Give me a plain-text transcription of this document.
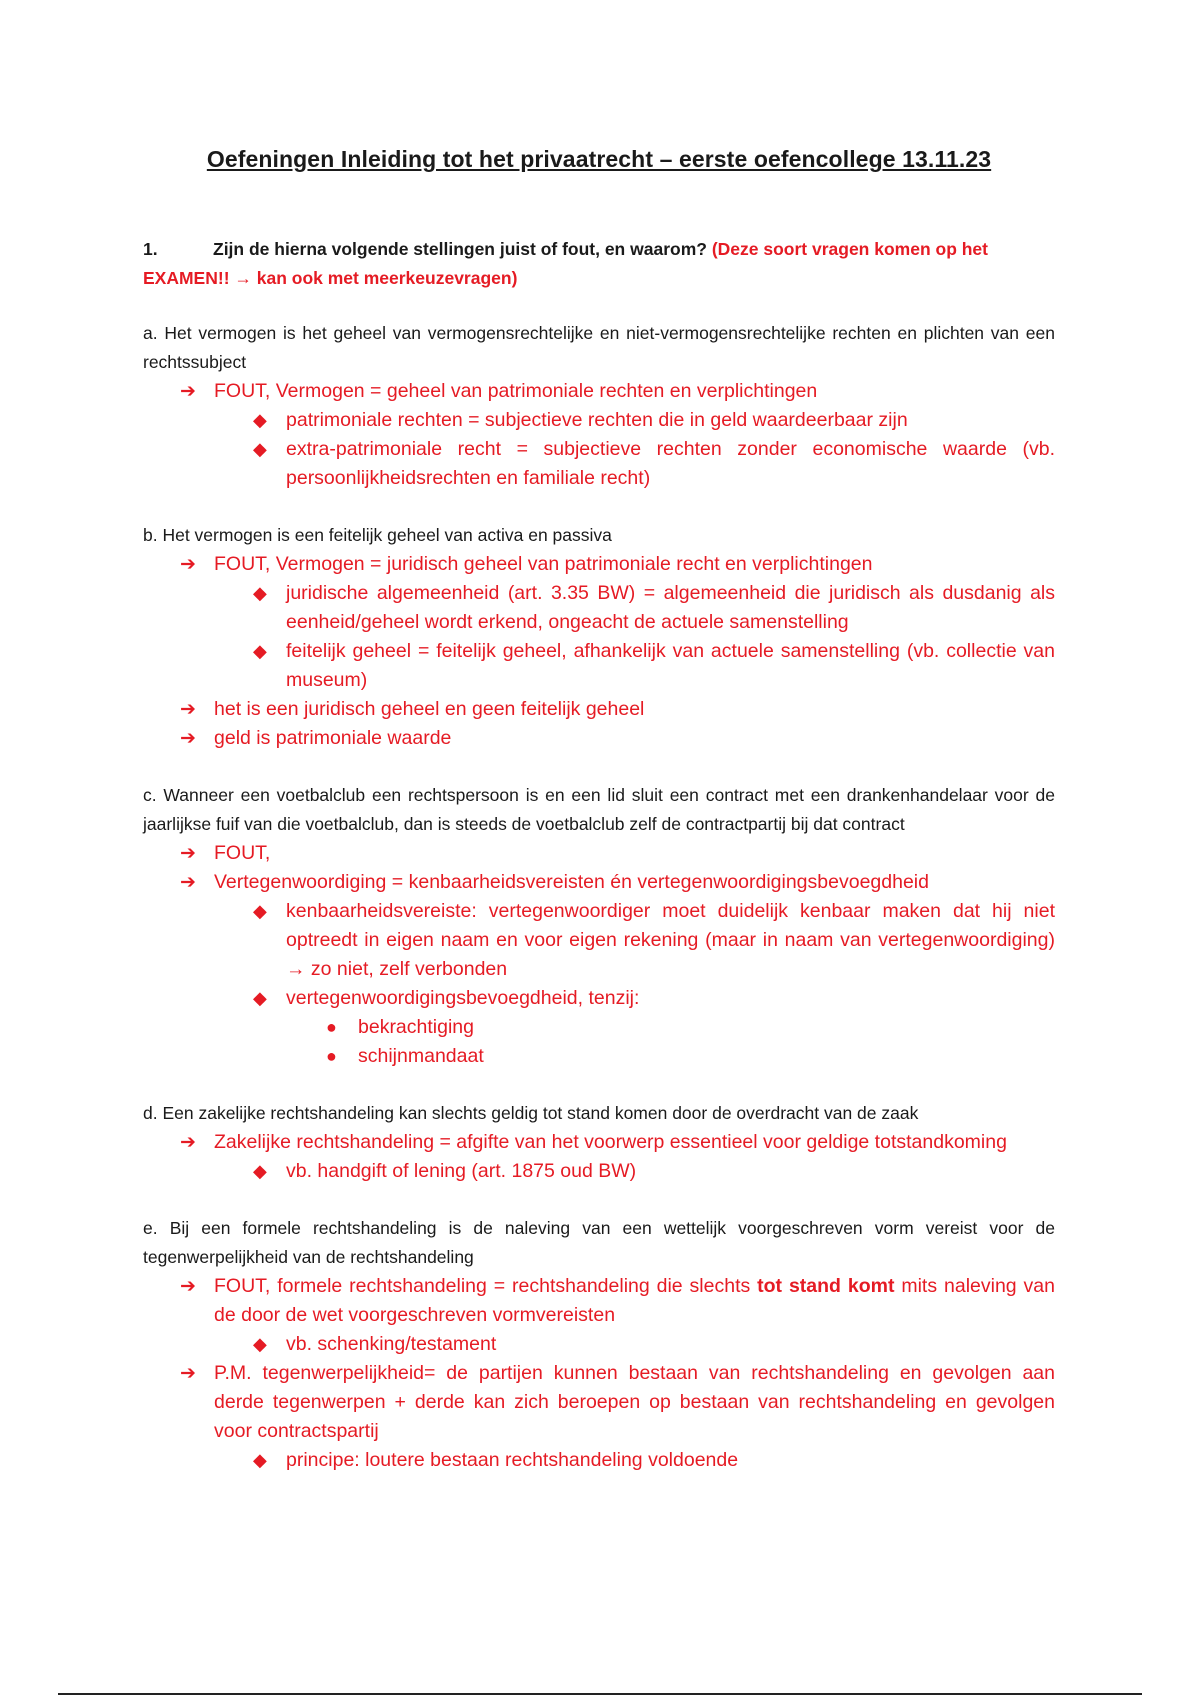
Oefeningen Inleiding tot het privaatrecht – eerste oefencollege 13.11.23
1.	Zijn de hierna volgende stellingen juist of fout, en waarom? (Deze soort vragen komen op het EXAMEN!! → kan ook met meerkeuzevragen)
a. Het vermogen is het geheel van vermogensrechtelijke en niet-vermogensrechtelijke rechten en plichten van een rechtssubject
➔ FOUT, Vermogen = geheel van patrimoniale rechten en verplichtingen
◆ patrimoniale rechten = subjectieve rechten die in geld waardeerbaar zijn
◆ extra-patrimoniale recht = subjectieve rechten zonder economische waarde (vb. persoonlijkheidsrechten en familiale recht)
b. Het vermogen is een feitelijk geheel van activa en passiva
➔ FOUT, Vermogen = juridisch geheel van patrimoniale recht en verplichtingen
◆ juridische algemeenheid (art. 3.35 BW) = algemeenheid die juridisch als dusdanig als eenheid/geheel wordt erkend, ongeacht de actuele samenstelling
◆ feitelijk geheel = feitelijk geheel, afhankelijk van actuele samenstelling (vb. collectie van museum)
➔ het is een juridisch geheel en geen feitelijk geheel
➔ geld is patrimoniale waarde
c. Wanneer een voetbalclub een rechtspersoon is en een lid sluit een contract met een drankenhandelaar voor de jaarlijkse fuif van die voetbalclub, dan is steeds de voetbalclub zelf de contractpartij bij dat contract
➔ FOUT,
➔ Vertegenwoordiging = kenbaarheidsvereisten én vertegenwoordigingsbevoegdheid
◆ kenbaarheidsvereiste: vertegenwoordiger moet duidelijk kenbaar maken dat hij niet optreedt in eigen naam en voor eigen rekening (maar in naam van vertegenwoordiging) → zo niet, zelf verbonden
◆ vertegenwoordigingsbevoegdheid, tenzij:
● bekrachtiging
● schijnmandaat
d. Een zakelijke rechtshandeling kan slechts geldig tot stand komen door de overdracht van de zaak
➔ Zakelijke rechtshandeling = afgifte van het voorwerp essentieel voor geldige totstandkoming
◆ vb. handgift of lening (art. 1875 oud BW)
e. Bij een formele rechtshandeling is de naleving van een wettelijk voorgeschreven vorm vereist voor de tegenwerpelijkheid van de rechtshandeling
➔ FOUT, formele rechtshandeling = rechtshandeling die slechts tot stand komt mits naleving van de door de wet voorgeschreven vormvereisten
◆ vb. schenking/testament
➔ P.M. tegenwerpelijkheid= de partijen kunnen bestaan van rechtshandeling en gevolgen aan derde tegenwerpen + derde kan zich beroepen op bestaan van rechtshandeling en gevolgen voor contractspartij
◆ principe: loutere bestaan rechtshandeling voldoende
